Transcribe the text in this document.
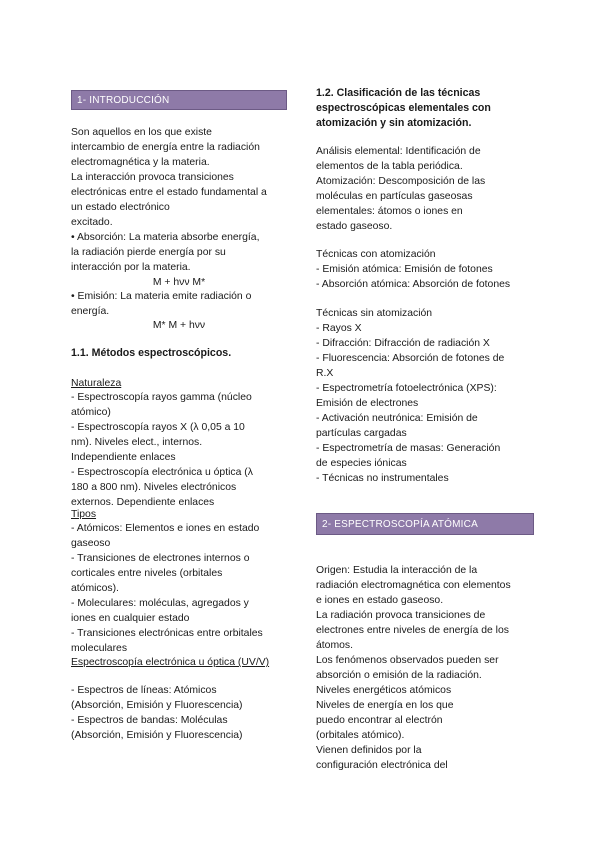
1- INTRODUCCIÓN
Son aquellos en los que existe
intercambio de energía entre la radiación
electromagnética y la materia.
La interacción provoca transiciones
electrónicas entre el estado fundamental a
un estado electrónico
excitado.
• Absorción: La materia absorbe energía,
la radiación pierde energía por su
interacción por la materia.
M + hνν M*
• Emisión: La materia emite radiación o
energía.
M* M + hνν
1.1. Métodos espectroscópicos.
Naturaleza
- Espectroscopía rayos gamma (núcleo
atómico)
- Espectroscopía rayos X (λ 0,05 a 10
nm). Niveles elect., internos.
Independiente enlaces
- Espectroscopía electrónica u óptica (λ
180 a 800 nm). Niveles electrónicos
externos. Dependiente enlaces
Tipos
- Atómicos: Elementos e iones en estado
gaseoso
- Transiciones de electrones internos o
corticales entre niveles (orbitales
atómicos).
- Moleculares: moléculas, agregados y
iones en cualquier estado
- Transiciones electrónicas entre orbitales
moleculares
Espectroscopía electrónica u óptica (UV/V)
- Espectros de líneas: Atómicos
(Absorción, Emisión y Fluorescencia)
- Espectros de bandas: Moléculas
(Absorción, Emisión y Fluorescencia)
1.2. Clasificación de las técnicas
espectroscópicas elementales con
atomización y sin atomización.
Análisis elemental: Identificación de
elementos de la tabla periódica.
Atomización: Descomposición de las
moléculas en partículas gaseosas
elementales: átomos o iones en
estado gaseoso.
Técnicas con atomización
- Emisión atómica: Emisión de fotones
- Absorción atómica: Absorción de fotones
Técnicas sin atomización
- Rayos X
- Difracción: Difracción de radiación X
- Fluorescencia: Absorción de fotones de
R.X
- Espectrometría fotoelectrónica (XPS):
Emisión de electrones
- Activación neutrónica: Emisión de
partículas cargadas
- Espectrometría de masas: Generación
de especies iónicas
- Técnicas no instrumentales
2- ESPECTROSCOPÍA ATÓMICA
Origen: Estudia la interacción de la
radiación electromagnética con elementos
e iones en estado gaseoso.
La radiación provoca transiciones de
electrones entre niveles de energía de los
átomos.
Los fenómenos observados pueden ser
absorción o emisión de la radiación.
Niveles energéticos atómicos
Niveles de energía en los que
puedo encontrar al electrón
(orbitales atómico).
Vienen definidos por la
configuración electrónica del
